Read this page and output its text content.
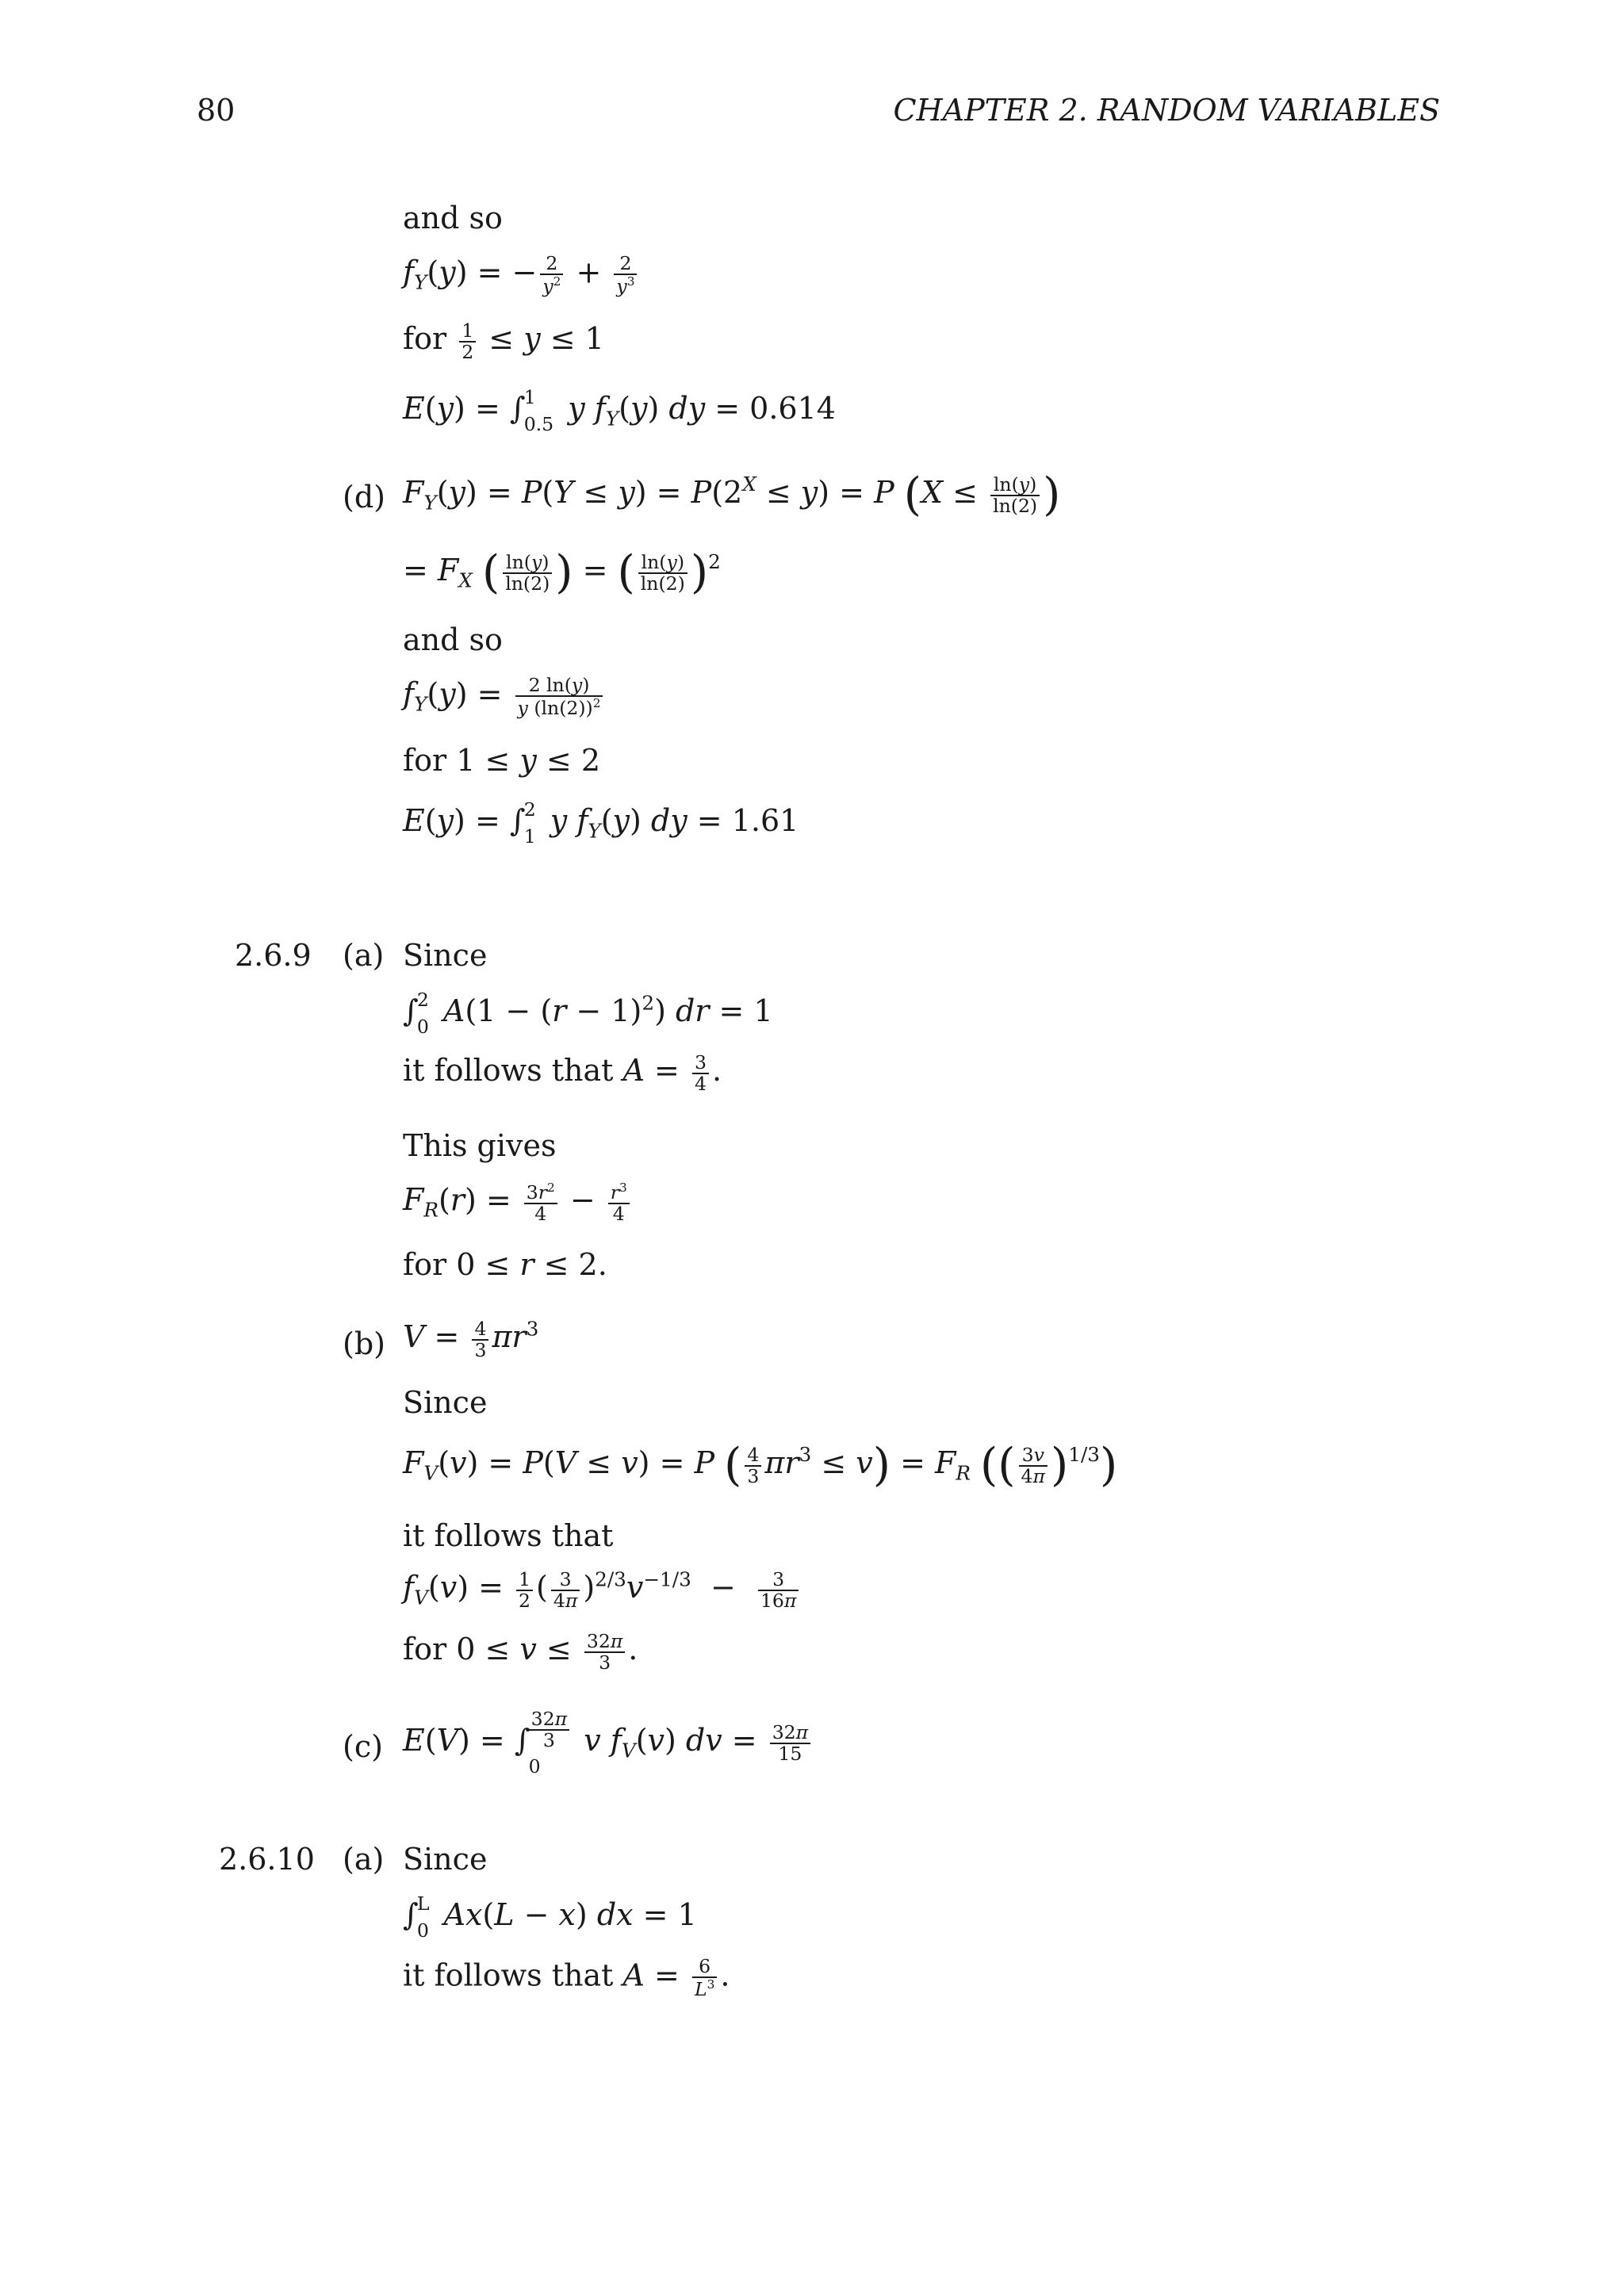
80	CHAPTER 2. RANDOM VARIABLES
and so
$f_Y(y)$ = − $\frac{2}{y^2} + \frac{2}{y^3}$
for $\frac{1}{2} \le y \le 1$
E(y) = ∫
1
0.5 y $f_Y(y)$ dy = 0.614
(d) $F_Y(y) = P(Y \le y) = P(2^X \le y) = P$ ($X \le \frac{\ln(y)}{\ln(2)}$ )
= $F_X$ ( $\frac{\ln(y)}{\ln(2)}$ ) = ( $\frac{\ln(y)}{\ln(2)} )^2$
and so
$f_Y(y) = \frac{2 \ln(y)}{y (\ln(2))^2}$
for 1 ≤ y ≤ 2
E(y) = ∫
2
1 y $f_Y(y)$ dy = 1.61
2.6.9 (a) Since
∫
2
0 $A(1 - (r - 1)^2)$ dr = 1
it follows that $A = \frac{3}{4}$ .
This gives
$F_R(r) = \frac{3r^2}{4} - \frac{r^3}{4}$
for 0 ≤ r ≤ 2.
(b) $V = \frac{4}{3} \pi r^3$
Since
$F_V(v) = P(V \le v) = P$ ( $\frac{4}{3} \pi r^3 \le v) = F_R$ (( $\frac{3v}{4\pi} )^{1/3}$)
it follows that
$f_V(v) = \frac{1}{2}$ ( $\frac{3}{4\pi} )^{2/3}v^{-1/3} - \frac{3}{16\pi}$
for $0 \le v \le \frac{32\pi}{3}$ .
(c) E(V) = ∫
$\frac{32\pi}{3}$
0
v $f_V(v)$ dv = $\frac{32\pi}{15}$
2.6.10 (a) Since
∫
L
0 Ax(L − x) dx = 1
it follows that $A = \frac{6}{L^3}$ .
